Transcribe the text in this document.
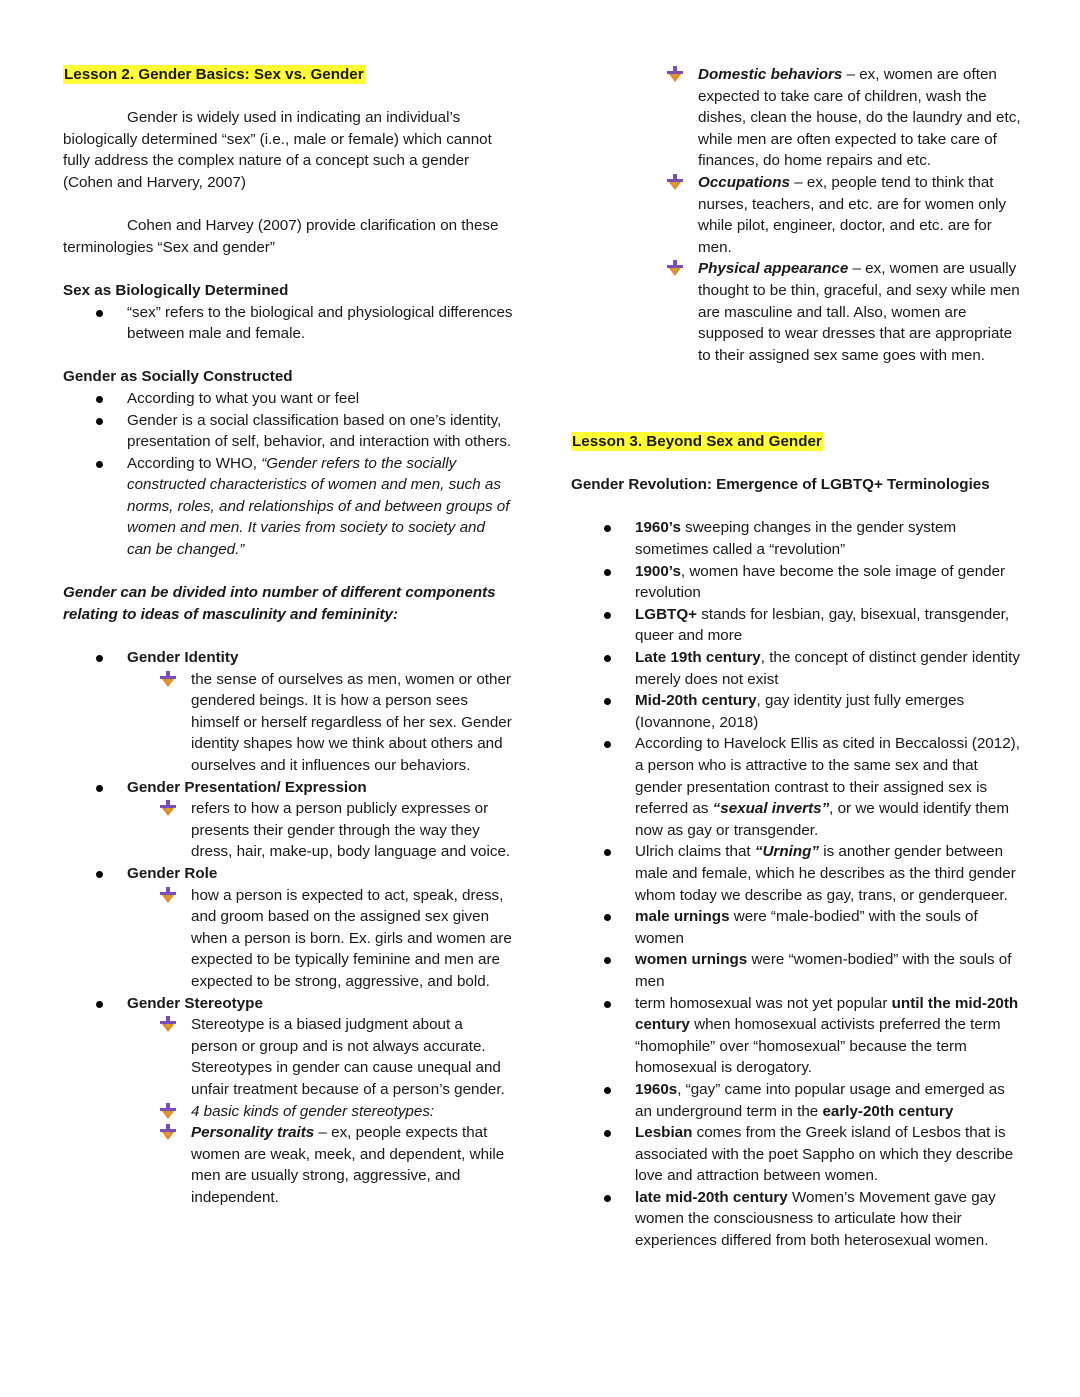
Lesson 2. Gender Basics: Sex vs. Gender

Gender is widely used in indicating an individual’s biologically determined “sex” (i.e., male or female) which cannot fully address the complex nature of a concept such a gender (Cohen and Harvery, 2007)

Cohen and Harvey (2007) provide clarification on these terminologies “Sex and gender”

Sex as Biologically Determined
“sex” refers to the biological and physiological differences between male and female.
Gender as Socially Constructed
According to what you want or feel
Gender is a social classification based on one’s identity, presentation of self, behavior, and interaction with others.
According to WHO, “Gender refers to the socially constructed characteristics of women and men, such as norms, roles, and relationships of and between groups of women and men. It varies from society to society and can be changed.”
Gender can be divided into number of different components relating to ideas of masculinity and femininity:
Gender Identity
the sense of ourselves as men, women or other gendered beings. It is how a person sees himself or herself regardless of her sex. Gender identity shapes how we think about others and ourselves and it influences our behaviors.
Gender Presentation/ Expression
refers to how a person publicly expresses or presents their gender through the way they dress, hair, make-up, body language and voice.
Gender Role
how a person is expected to act, speak, dress, and groom based on the assigned sex given when a person is born. Ex. girls and women are expected to be typically feminine and men are expected to be strong, aggressive, and bold.
Gender Stereotype
Stereotype is a biased judgment about a person or group and is not always accurate. Stereotypes in gender can cause unequal and unfair treatment because of a person’s gender.
4 basic kinds of gender stereotypes:
Personality traits – ex, people expects that women are weak, meek, and dependent, while men are usually strong, aggressive, and independent.
Domestic behaviors – ex, women are often expected to take care of children, wash the dishes, clean the house, do the laundry and etc, while men are often expected to take care of finances, do home repairs and etc.
Occupations – ex, people tend to think that nurses, teachers, and etc. are for women only while pilot, engineer, doctor, and etc. are for men.
Physical appearance – ex, women are usually thought to be thin, graceful, and sexy while men are masculine and tall. Also, women are supposed to wear dresses that are appropriate to their assigned sex same goes with men.
Lesson 3. Beyond Sex and Gender
Gender Revolution: Emergence of LGBTQ+ Terminologies
1960’s sweeping changes in the gender system sometimes called a “revolution”
1900’s, women have become the sole image of gender revolution
LGBTQ+ stands for lesbian, gay, bisexual, transgender, queer and more
Late 19th century, the concept of distinct gender identity merely does not exist
Mid-20th century, gay identity just fully emerges (Iovannone, 2018)
According to Havelock Ellis as cited in Beccalossi (2012), a person who is attractive to the same sex and that gender presentation contrast to their assigned sex is referred as “sexual inverts”, or we would identify them now as gay or transgender.
Ulrich claims that “Urning” is another gender between male and female, which he describes as the third gender whom today we describe as gay, trans, or genderqueer.
male urnings were “male-bodied” with the souls of women
women urnings were “women-bodied” with the souls of men
term homosexual was not yet popular until the mid-20th century when homosexual activists preferred the term “homophile” over “homosexual” because the term homosexual is derogatory.
1960s, “gay” came into popular usage and emerged as an underground term in the early-20th century
Lesbian comes from the Greek island of Lesbos that is associated with the poet Sappho on which they describe love and attraction between women.
late mid-20th century Women’s Movement gave gay women the consciousness to articulate how their experiences differed from both heterosexual women.
